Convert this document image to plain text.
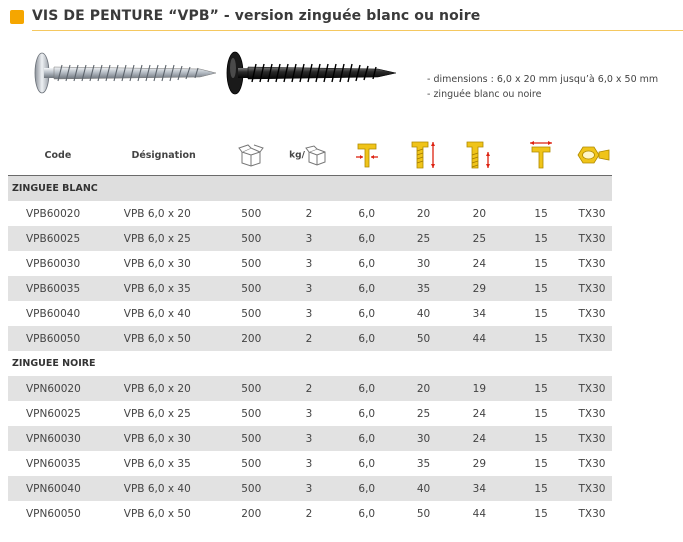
VIS DE PENTURE “VPB” - version zinguée blanc ou noire
- dimensions : 6,0 x 20 mm jusqu’à 6,0 x 50 mm
- zinguée blanc ou noire
Code	Désignation		kg/					
ZINGUEE BLANC								
VPB60020	VPB 6,0 x 20	500	2	6,0	20	20	15	TX30
VPB60025	VPB 6,0 x 25	500	3	6,0	25	25	15	TX30
VPB60030	VPB 6,0 x 30	500	3	6,0	30	24	15	TX30
VPB60035	VPB 6,0 x 35	500	3	6,0	35	29	15	TX30
VPB60040	VPB 6,0 x 40	500	3	6,0	40	34	15	TX30
VPB60050	VPB 6,0 x 50	200	2	6,0	50	44	15	TX30
ZINGUEE NOIRE								
VPN60020	VPB 6,0 x 20	500	2	6,0	20	19	15	TX30
VPN60025	VPB 6,0 x 25	500	3	6,0	25	24	15	TX30
VPN60030	VPB 6,0 x 30	500	3	6,0	30	24	15	TX30
VPN60035	VPB 6,0 x 35	500	3	6,0	35	29	15	TX30
VPN60040	VPB 6,0 x 40	500	3	6,0	40	34	15	TX30
VPN60050	VPB 6,0 x 50	200	2	6,0	50	44	15	TX30
